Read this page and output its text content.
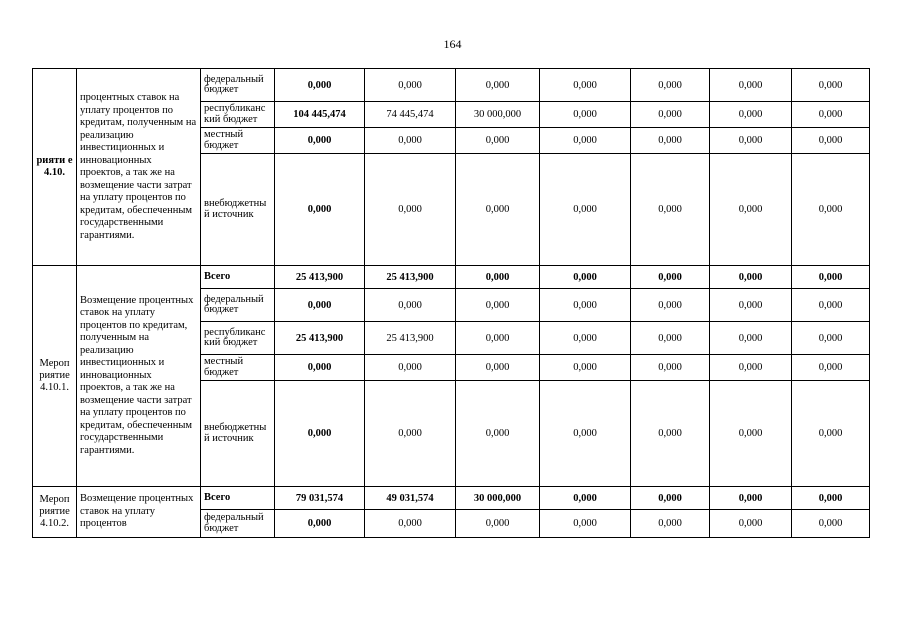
164
рияти е 4.10.	процентных ставок на уплату процентов по кредитам, полученным на реализацию инвестиционных и инновационных проектов, а так же на возмещение части затрат на уплату процентов по кредитам, обеспеченным государственными гарантиями.	федеральный бюджет	0,000	0,000	0,000	0,000	0,000	0,000	0,000
		республиканс кий бюджет	104 445,474	74 445,474	30 000,000	0,000	0,000	0,000	0,000
		местный бюджет	0,000	0,000	0,000	0,000	0,000	0,000	0,000
		внебюджетны й источник	0,000	0,000	0,000	0,000	0,000	0,000	0,000
Мероп риятие 4.10.1.	Возмещение процентных ставок на уплату процентов по кредитам, полученным на реализацию инвестиционных и инновационных проектов, а так же на возмещение части затрат на уплату процентов по кредитам, обеспеченным государственными гарантиями.	Всего	25 413,900	25 413,900	0,000	0,000	0,000	0,000	0,000
		федеральный бюджет	0,000	0,000	0,000	0,000	0,000	0,000	0,000
		республиканс кий бюджет	25 413,900	25 413,900	0,000	0,000	0,000	0,000	0,000
		местный бюджет	0,000	0,000	0,000	0,000	0,000	0,000	0,000
		внебюджетны й источник	0,000	0,000	0,000	0,000	0,000	0,000	0,000
Мероп риятие 4.10.2.	Возмещение процентных ставок на уплату процентов	Всего	79 031,574	49 031,574	30 000,000	0,000	0,000	0,000	0,000
		федеральный бюджет	0,000	0,000	0,000	0,000	0,000	0,000	0,000
